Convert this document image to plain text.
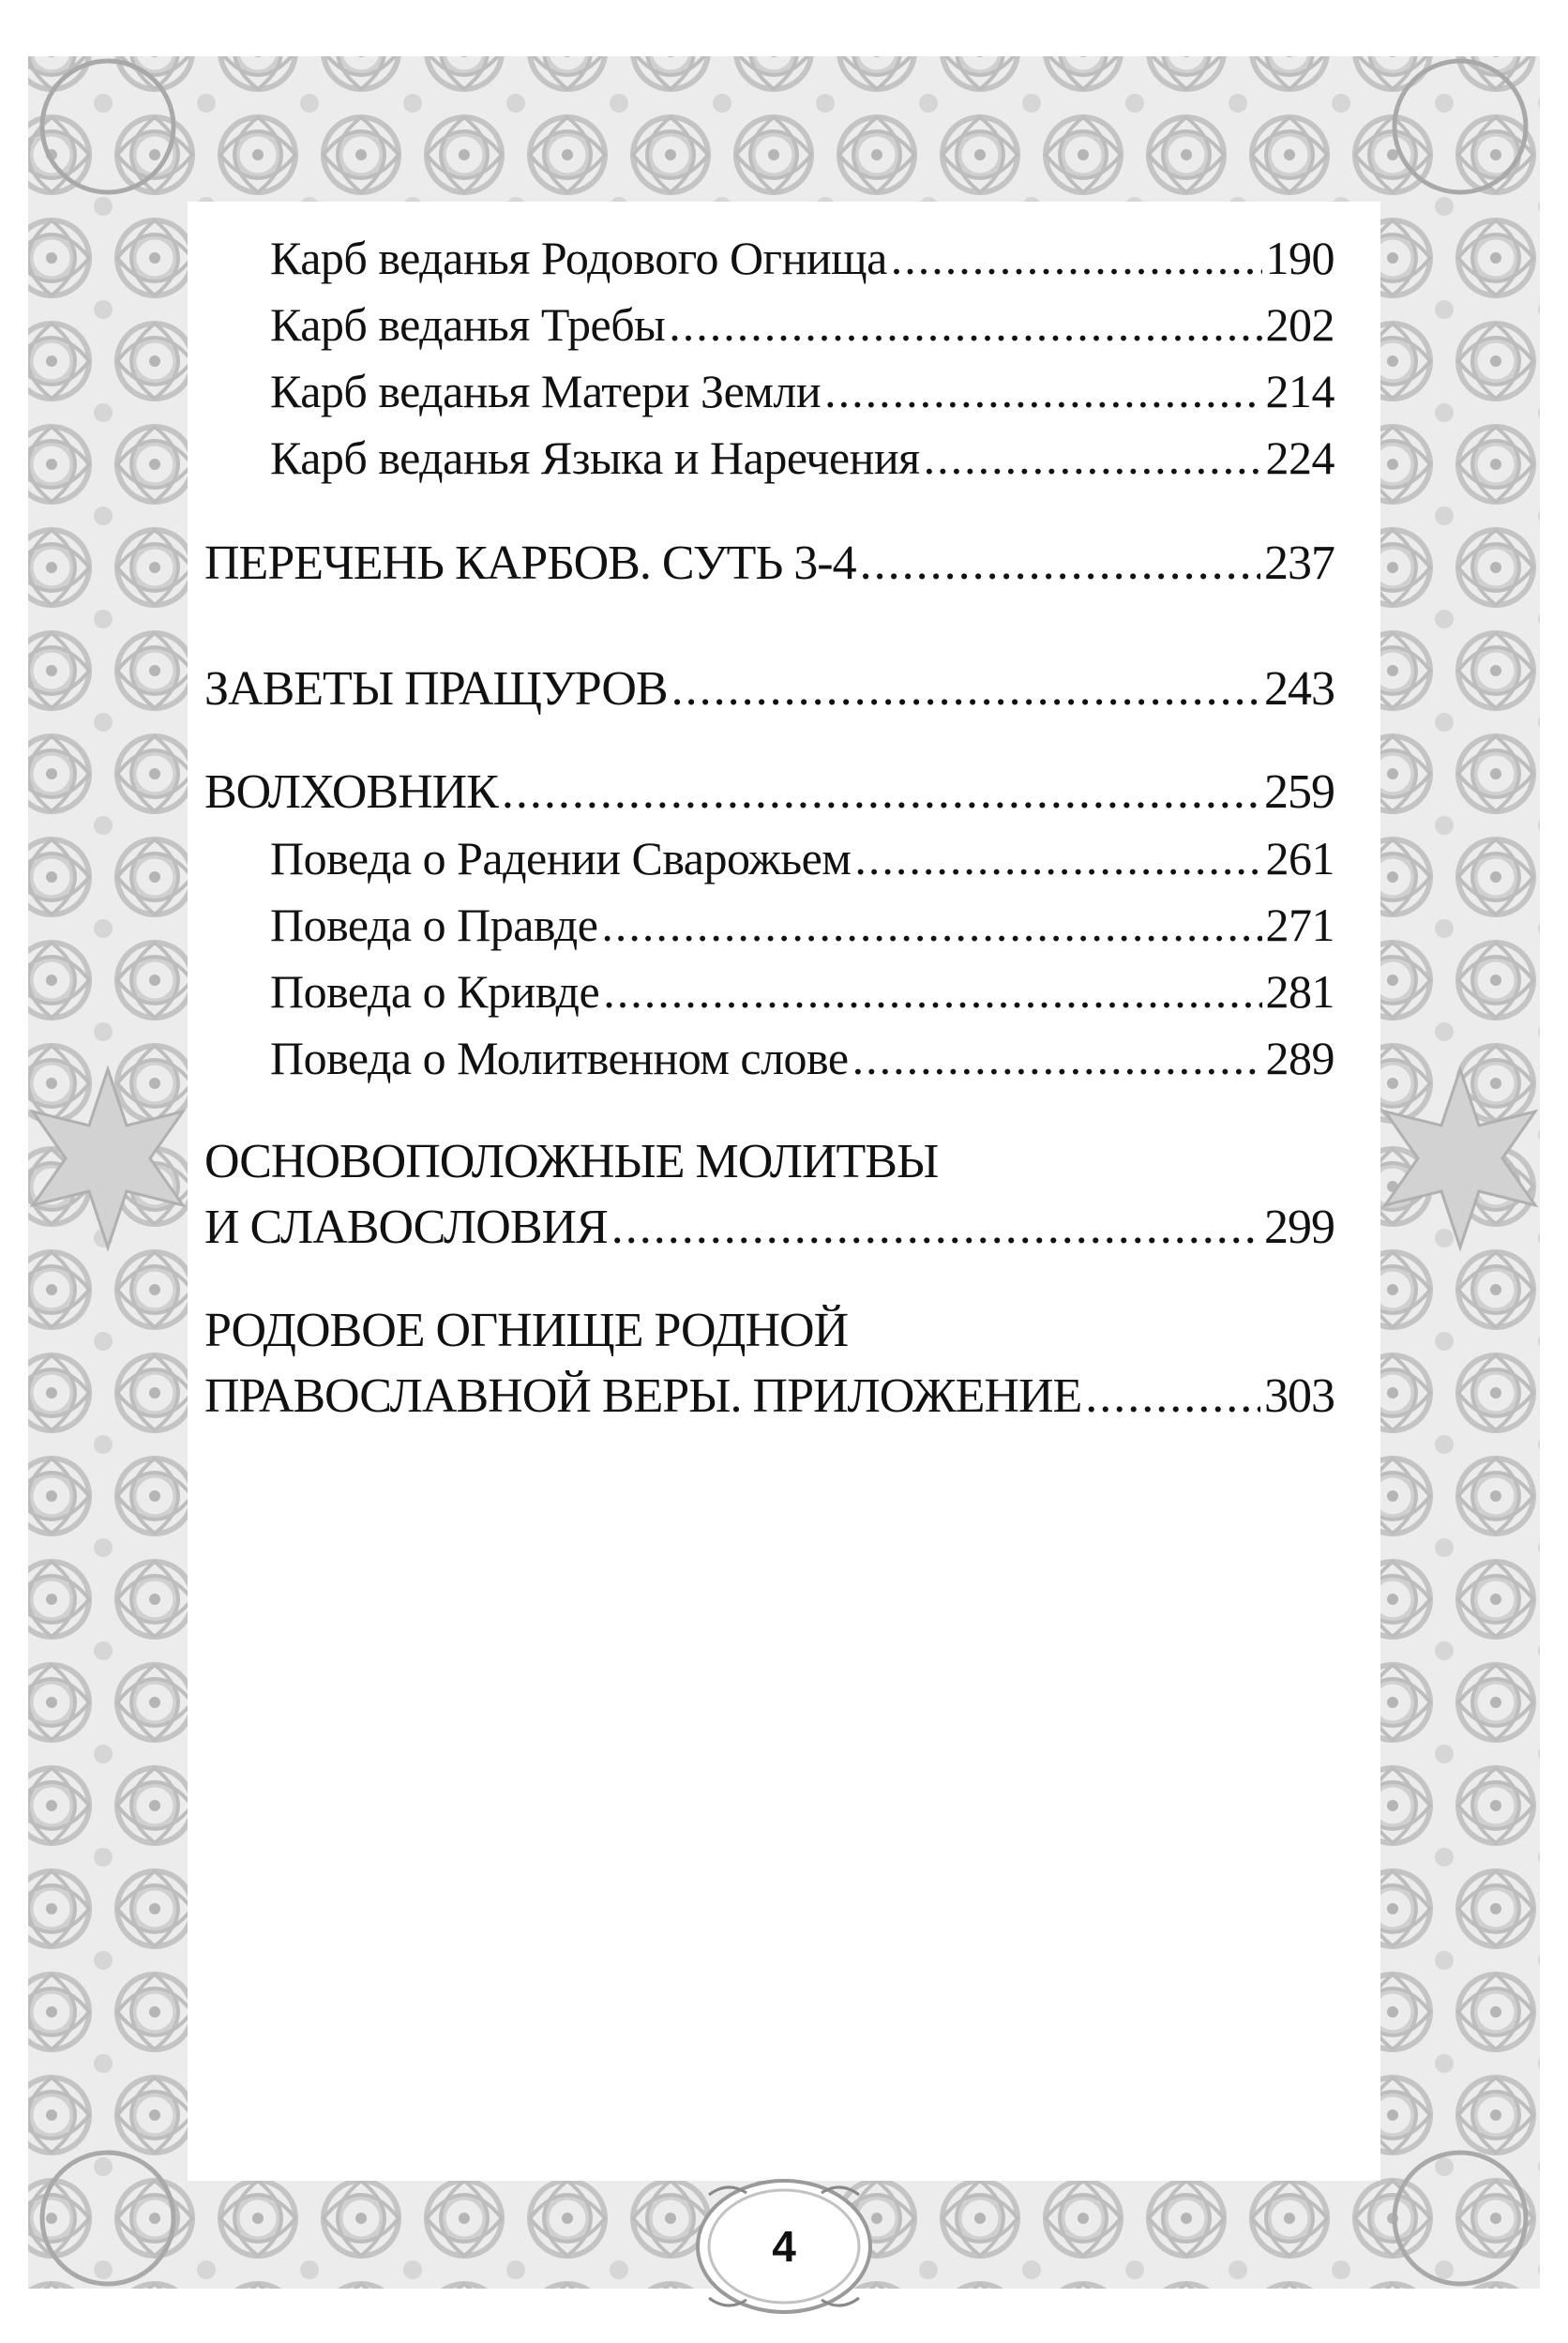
Карб веданья Родового Огнища .....	190
Карб веданья Требы .....	202
Карб веданья Матери Земли .....	214
Карб веданья Языка и Наречения .....	224
ПЕРЕЧЕНЬ КАРБОВ. СУТЬ 3-4 .....	237
ЗАВЕТЫ ПРАЩУРОВ .....	243
ВОЛХОВНИК .....	259
Поведа о Радении Сварожьем .....	261
Поведа о Правде .....	271
Поведа о Кривде .....	281
Поведа о Молитвенном слове .....	289
ОСНОВОПОЛОЖНЫЕ МОЛИТВЫ
И СЛАВОСЛОВИЯ .....	299
РОДОВОЕ ОГНИЩЕ РОДНОЙ
ПРАВОСЛАВНОЙ ВЕРЫ. ПРИЛОЖЕНИЕ .....	303
4
